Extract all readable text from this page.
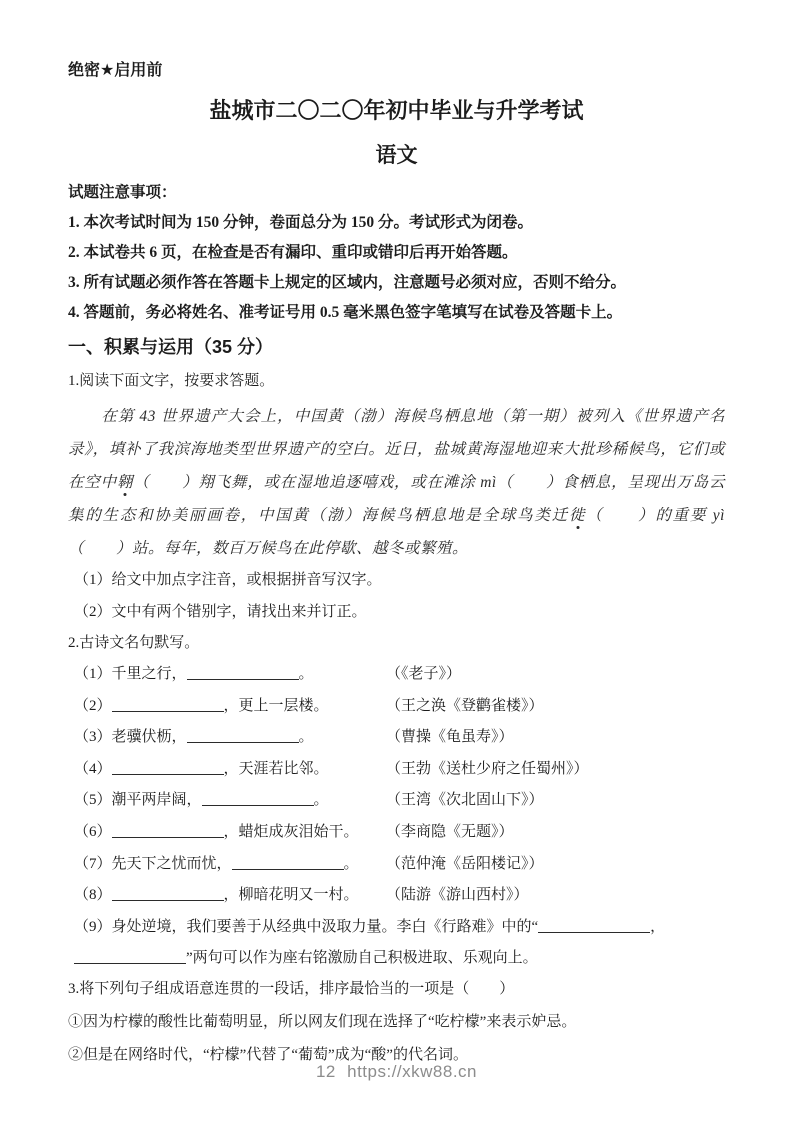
绝密★启用前

盐城市二〇二〇年初中毕业与升学考试
语文

试题注意事项：

1. 本次考试时间为 150 分钟，卷面总分为 150 分。考试形式为闭卷。

2. 本试卷共 6 页，在检查是否有漏印、重印或错印后再开始答题。

3. 所有试题必须作答在答题卡上规定的区域内，注意题号必须对应，否则不给分。

4. 答题前，务必将姓名、准考证号用 0.5 毫米黑色签字笔填写在试卷及答题卡上。

一、积累与运用（35 分）

1.阅读下面文字，按要求答题。

　　在第 43 世界遗产大会上，中国黄（渤）海候鸟栖息地（第一期）被列入《世界遗产名录》，填补了我滨海地类型世界遗产的空白。近日，盐城黄海湿地迎来大批珍稀候鸟，它们或在空中翱（　　）翔飞舞，或在湿地追逐嘻戏，或在滩涂 mì（　　）食栖息，呈现出万岛云集的生态和协美丽画卷，中国黄（渤）海候鸟栖息地是全球鸟类迁徙（　　）的重要 yì（　　）站。每年，数百万候鸟在此停歇、越冬或繁殖。

（1）给文中加点字注音，或根据拼音写汉字。

（2）文中有两个错别字，请找出来并订正。

2.古诗文名句默写。

（1）千里之行，	。	（《老子》）
（2）	，更上一层楼。	（王之涣《登鹳雀楼》）
（3）老骥伏枥，	。	（曹操《龟虽寿》）
（4）	，天涯若比邻。	（王勃《送杜少府之任蜀州》）
（5）潮平两岸阔，	。	（王湾《次北固山下》）
（6）	，蜡炬成灰泪始干。	（李商隐《无题》）
（7）先天下之忧而忧，	。	（范仲淹《岳阳楼记》）
（8）	，柳暗花明又一村。	（陆游《游山西村》）
（9）身处逆境，我们要善于从经典中汲取力量。李白《行路难》中的“	，
”两句可以作为座右铭激励自己积极进取、乐观向上。

3.将下列句子组成语意连贯的一段话，排序最恰当的一项是（　　）

①因为柠檬的酸性比葡萄明显，所以网友们现在选择了“吃柠檬”来表示妒忌。

②但是在网络时代，“柠檬”代替了“葡萄”成为“酸”的代名词。

12 https://xkw88.cn
